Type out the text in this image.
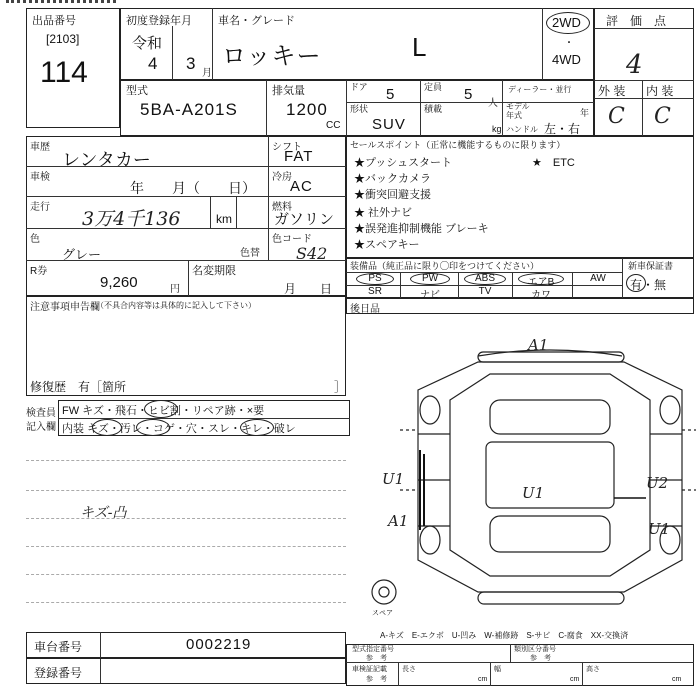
出品番号
[2103]
114
初度登録年月
令和
4 3
月
車名・グレード
ロッキー	L
2WD
・
4WD
評　価　点
4
外 装 内 装
C C
型式
5BA-A201S
排気量
1200
CC
ドア 5	定員 5
人
ディーラー・並行
形状
SUV
積載
kg
モデル年式	年
ハンドル 左・右
車歴
レンタカー
シフト
FAT
車検
年　　月（　　日）
冷房
AC
走行
3万4千136	km
燃料
ガソリン
色
グレー	色替
色コード
S42
R券
9,260	円
名変期限
月　　日
セールスポイント（正常に機能するものに限ります）
★プッシュスタート	★　ETC
★バックカメラ
★衝突回避支援
★ 社外ナビ
★誤発進抑制機能 ブレーキ
★スペアキー
装備品（純正品に限り◯印をつけてください）	新車保証書
有・無
PS	PW	ABS	エアB	AW
SR	ナビ	TV	カワ
注意事項申告欄
（不具合内容等は具体的に記入して下さい）
修復歴　有［箇所	］
後日品
検査員
記入欄
FW キズ・飛石・ヒビ割・リペア跡・×要
内装 キズ・汚レ・コゲ・穴・スレ・キレ・破レ
キズ-凸
A1
U1
U1
A1
U2
U1
スペア
A-キズ　E-エクボ　U-凹み　W-補修跡　S-サビ　C-腐食　XX-交換済
車台番号	0002219
登録番号
型式指定番号
参　考
類別区分番号
参　考
車検証記載
参　考
長さ
cm
幅
cm
高さ
cm
